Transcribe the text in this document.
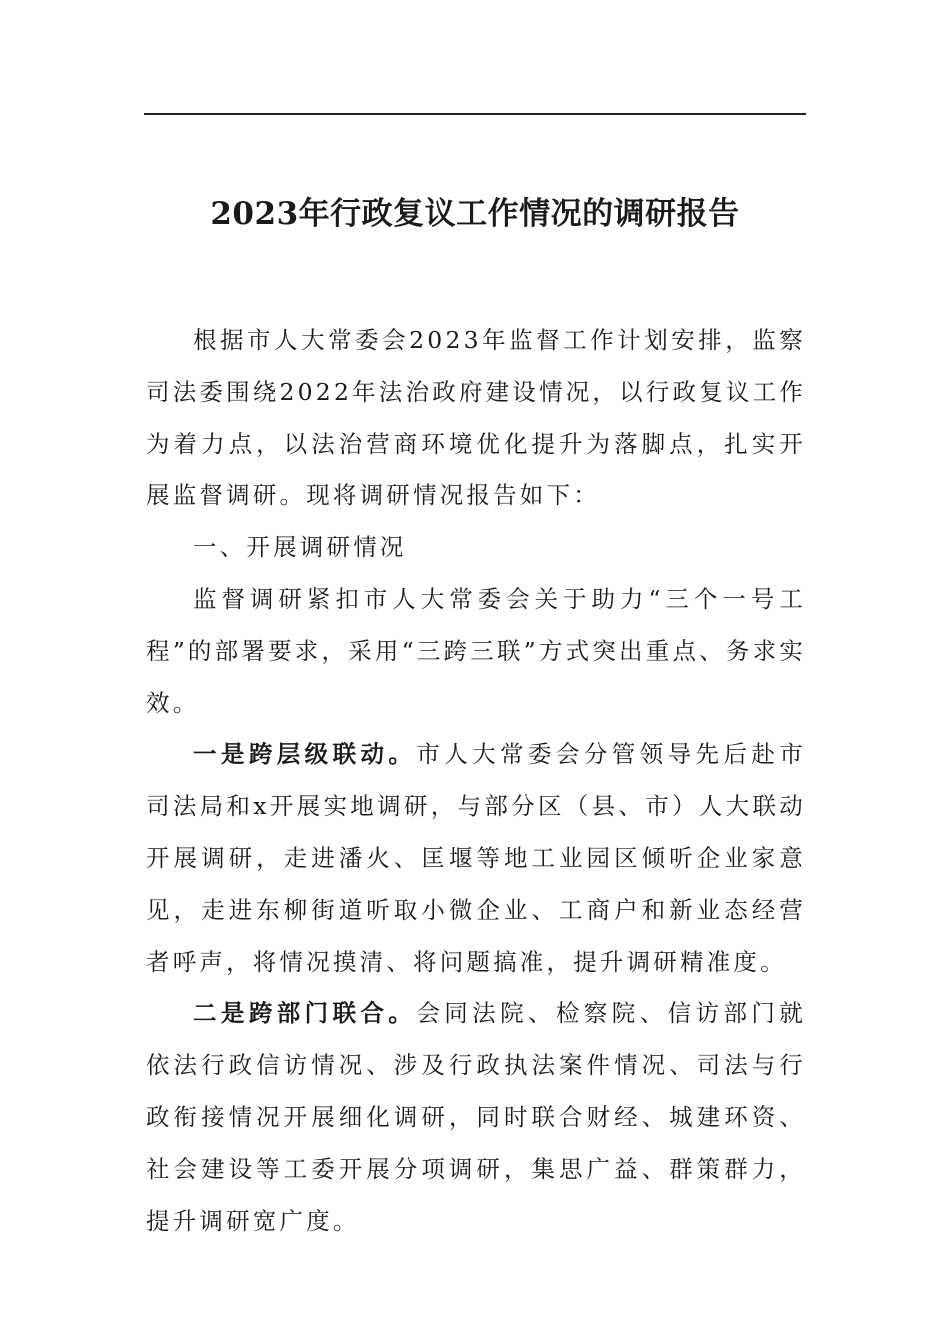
2023年行政复议工作情况的调研报告

根据市人大常委会2023年监督工作计划安排，监察司法委围绕2022年法治政府建设情况，以行政复议工作为着力点，以法治营商环境优化提升为落脚点，扎实开展监督调研。现将调研情况报告如下：

一、开展调研情况

监督调研紧扣市人大常委会关于助力“三个一号工程”的部署要求，采用“三跨三联”方式突出重点、务求实效。

一是跨层级联动。市人大常委会分管领导先后赴市司法局和x开展实地调研，与部分区（县、市）人大联动开展调研，走进潘火、匡堰等地工业园区倾听企业家意见，走进东柳街道听取小微企业、工商户和新业态经营者呼声，将情况摸清、将问题搞准，提升调研精准度。

二是跨部门联合。会同法院、检察院、信访部门就依法行政信访情况、涉及行政执法案件情况、司法与行政衔接情况开展细化调研，同时联合财经、城建环资、社会建设等工委开展分项调研，集思广益、群策群力，提升调研宽广度。
